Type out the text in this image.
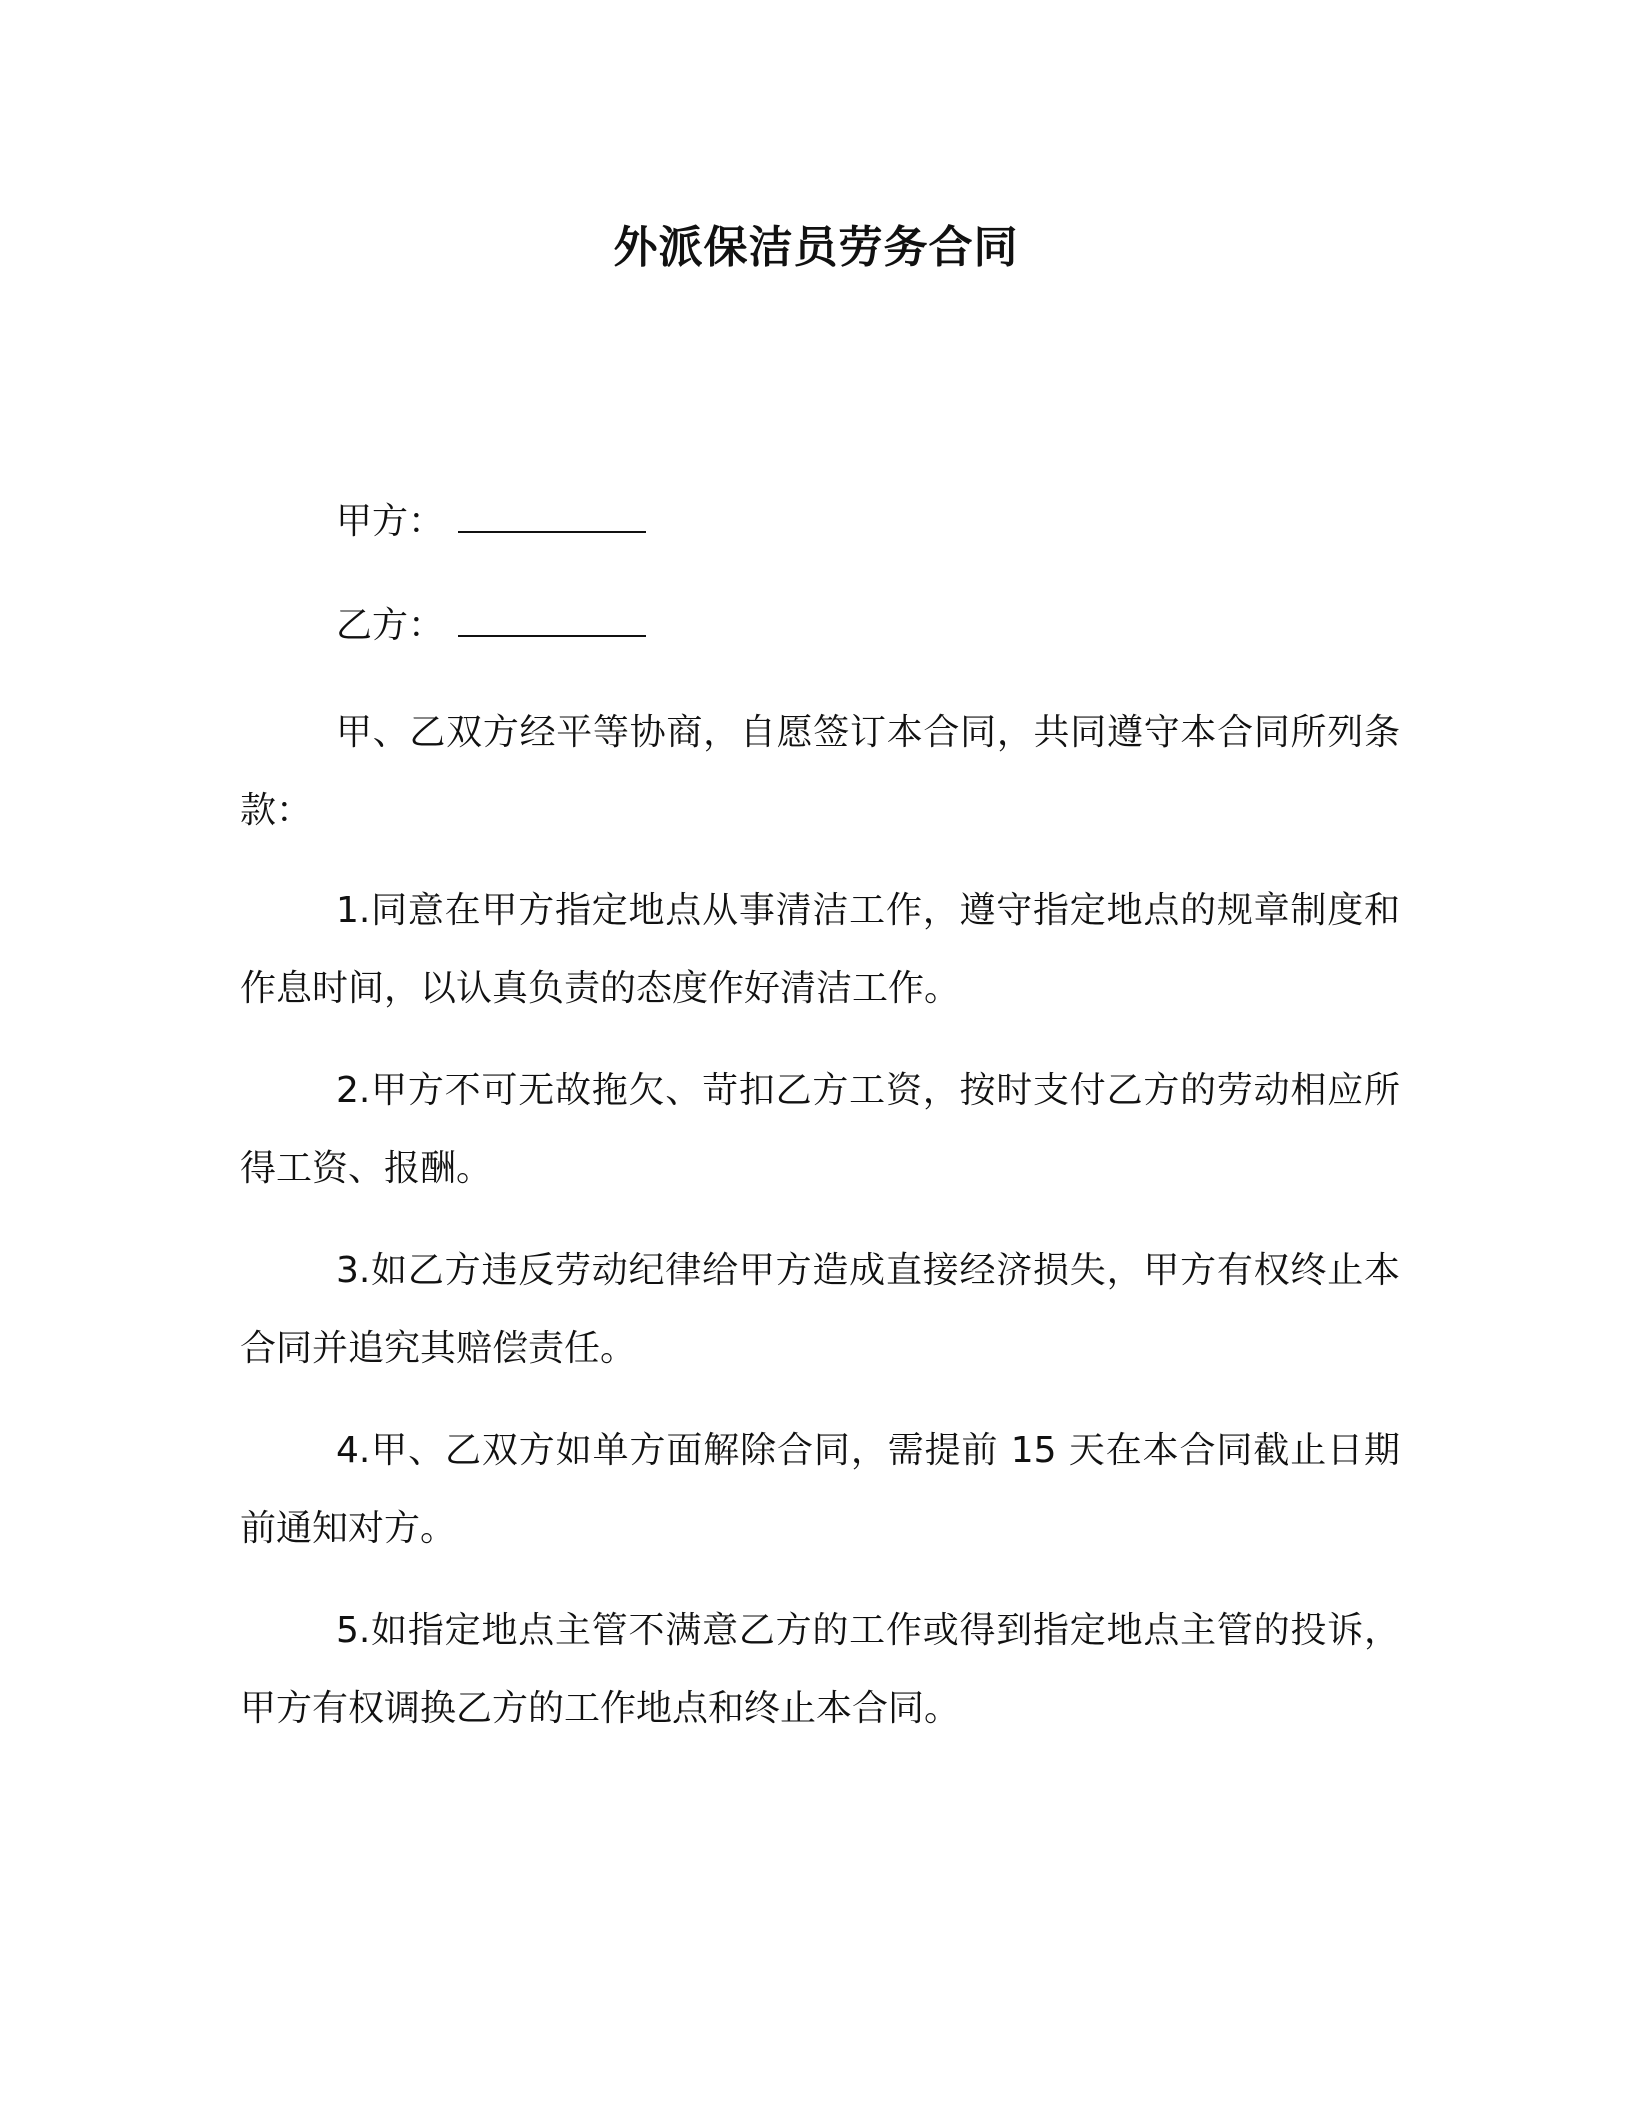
外派保洁员劳务合同
甲方：
乙方：

甲、乙双方经平等协商，自愿签订本合同，共同遵守本合同所列条款：

1.同意在甲方指定地点从事清洁工作，遵守指定地点的规章制度和作息时间，以认真负责的态度作好清洁工作。

2.甲方不可无故拖欠、苛扣乙方工资，按时支付乙方的劳动相应所得工资、报酬。

3.如乙方违反劳动纪律给甲方造成直接经济损失，甲方有权终止本合同并追究其赔偿责任。

4.甲、乙双方如单方面解除合同，需提前 15 天在本合同截止日期前通知对方。

5.如指定地点主管不满意乙方的工作或得到指定地点主管的投诉，甲方有权调换乙方的工作地点和终止本合同。
